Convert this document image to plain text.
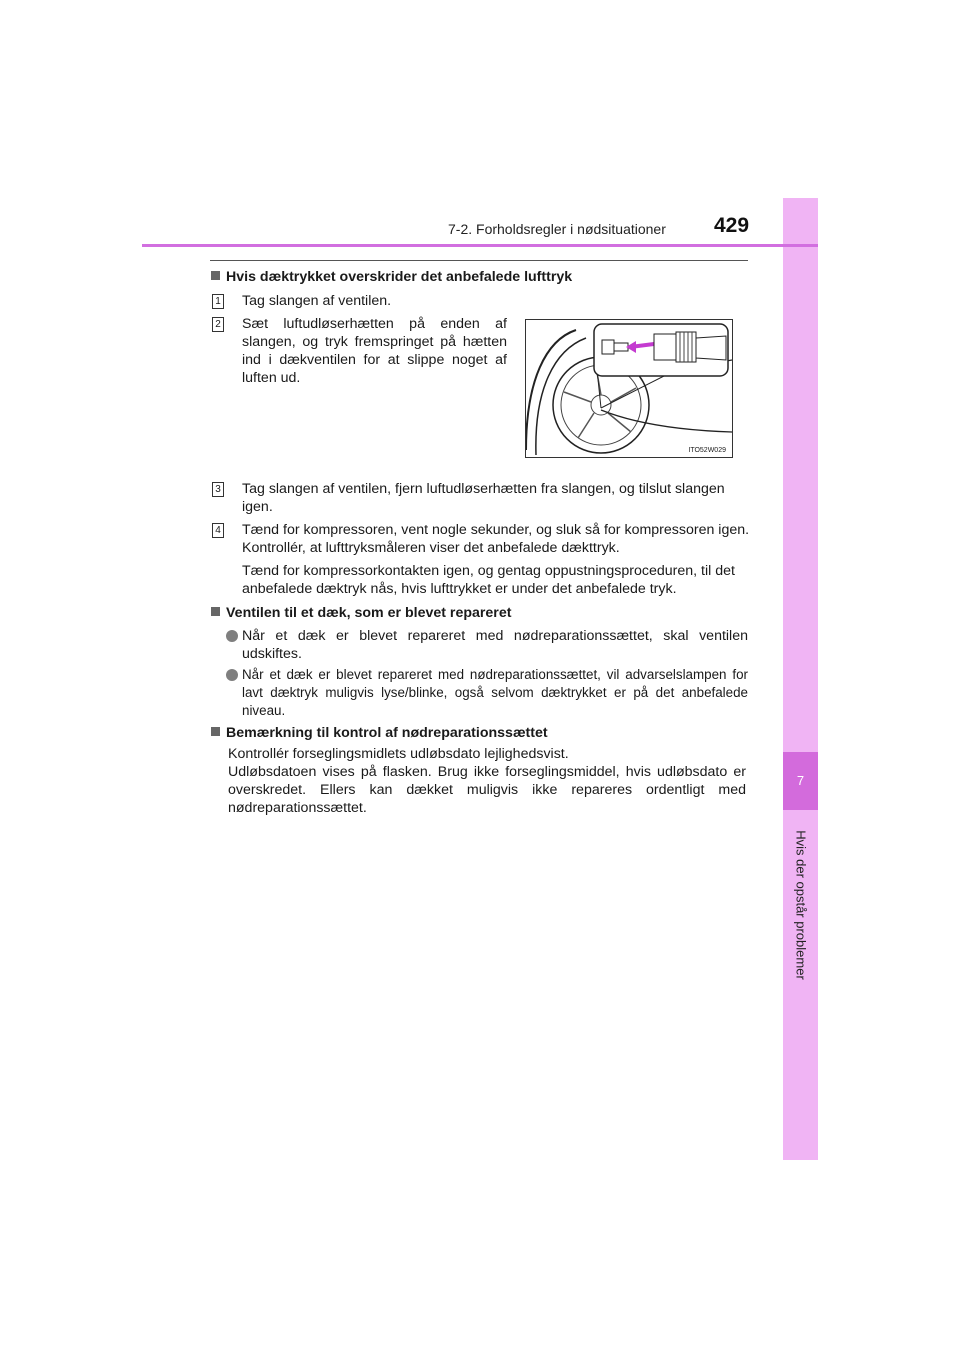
7
Hvis der opstår problemer
7-2. Forholdsregler i nødsituationer 429
Hvis dæktrykket overskrider det anbefalede lufttryk
1 Tag slangen af ventilen.
2 Sæt luftudløserhætten på enden af slangen, og tryk fremspringet på hætten ind i dækventilen for at slippe noget af luften ud.
ITO52W029
3 Tag slangen af ventilen, fjern luftudløserhætten fra slangen, og tilslut slangen igen.
4 Tænd for kompressoren, vent nogle sekunder, og sluk så for kompressoren igen. Kontrollér, at lufttryksmåleren viser det anbefalede dækttryk.
Tænd for kompressorkontakten igen, og gentag oppustningsproceduren, til det anbefalede dæktryk nås, hvis lufttrykket er under det anbefalede tryk.
Ventilen til et dæk, som er blevet repareret
Når et dæk er blevet repareret med nødreparationssættet, skal ventilen udskiftes.
Når et dæk er blevet repareret med nødreparationssættet, vil advarselslampen for lavt dæktryk muligvis lyse/blinke, også selvom dæktrykket er på det anbefalede niveau.
Bemærkning til kontrol af nødreparationssættet
Kontrollér forseglingsmidlets udløbsdato lejlighedsvist.
Udløbsdatoen vises på flasken. Brug ikke forseglingsmiddel, hvis udløbsdato er overskredet. Ellers kan dækket muligvis ikke repareres ordentligt med nødreparationssættet.
